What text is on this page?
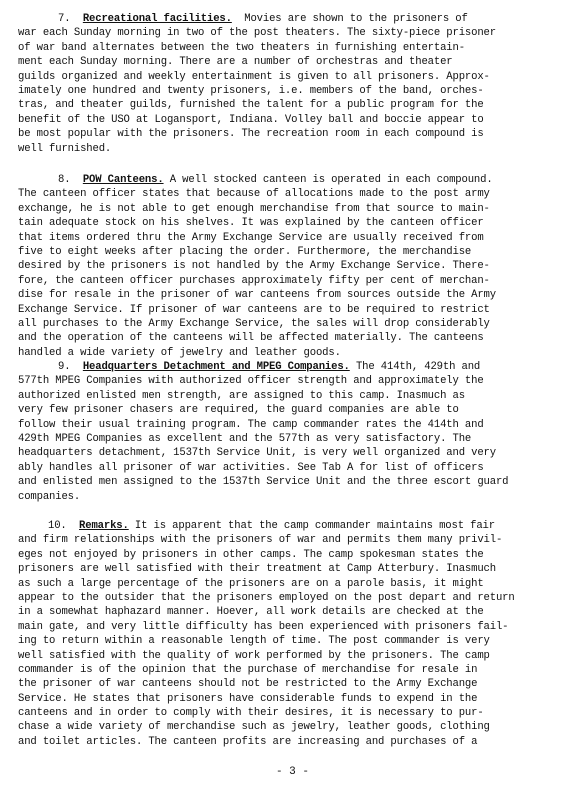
7. Recreational facilities.  Movies are shown to the prisoners of
war each Sunday morning in two of the post theaters. The sixty-piece prisoner
of war band alternates between the two theaters in furnishing entertain-
ment each Sunday morning. There are a number of orchestras and theater
guilds organized and weekly entertainment is given to all prisoners. Approx-
imately one hundred and twenty prisoners, i.e. members of the band, orches-
tras, and theater guilds, furnished the talent for a public program for the
benefit of the USO at Logansport, Indiana. Volley ball and boccie appear to
be most popular with the prisoners. The recreation room in each compound is
well furnished.
8. POW Canteens. A well stocked canteen is operated in each compound.
The canteen officer states that because of allocations made to the post army
exchange, he is not able to get enough merchandise from that source to main-
tain adequate stock on his shelves. It was explained by the canteen officer
that items ordered thru the Army Exchange Service are usually received from
five to eight weeks after placing the order. Furthermore, the merchandise
desired by the prisoners is not handled by the Army Exchange Service. There-
fore, the canteen officer purchases approximately fifty per cent of merchan-
dise for resale in the prisoner of war canteens from sources outside the Army
Exchange Service. If prisoner of war canteens are to be required to restrict
all purchases to the Army Exchange Service, the sales will drop considerably
and the operation of the canteens will be affected materially. The canteens
handled a wide variety of jewelry and leather goods.
9. Headquarters Detachment and MPEG Companies. The 414th, 429th and
577th MPEG Companies with authorized officer strength and approximately the
authorized enlisted men strength, are assigned to this camp. Inasmuch as
very few prisoner chasers are required, the guard companies are able to
follow their usual training program. The camp commander rates the 414th and
429th MPEG Companies as excellent and the 577th as very satisfactory. The
headquarters detachment, 1537th Service Unit, is very well organized and very
ably handles all prisoner of war activities. See Tab A for list of officers
and enlisted men assigned to the 1537th Service Unit and the three escort guard
companies.
10. Remarks. It is apparent that the camp commander maintains most fair
and firm relationships with the prisoners of war and permits them many privil-
eges not enjoyed by prisoners in other camps. The camp spokesman states the
prisoners are well satisfied with their treatment at Camp Atterbury. Inasmuch
as such a large percentage of the prisoners are on a parole basis, it might
appear to the outsider that the prisoners employed on the post depart and return
in a somewhat haphazard manner. Hoever, all work details are checked at the
main gate, and very little difficulty has been experienced with prisoners fail-
ing to return within a reasonable length of time. The post commander is very
well satisfied with the quality of work performed by the prisoners. The camp
commander is of the opinion that the purchase of merchandise for resale in
the prisoner of war canteens should not be restricted to the Army Exchange
Service. He states that prisoners have considerable funds to expend in the
canteens and in order to comply with their desires, it is necessary to pur-
chase a wide variety of merchandise such as jewelry, leather goods, clothing
and toilet articles. The canteen profits are increasing and purchases of a
- 3 -
